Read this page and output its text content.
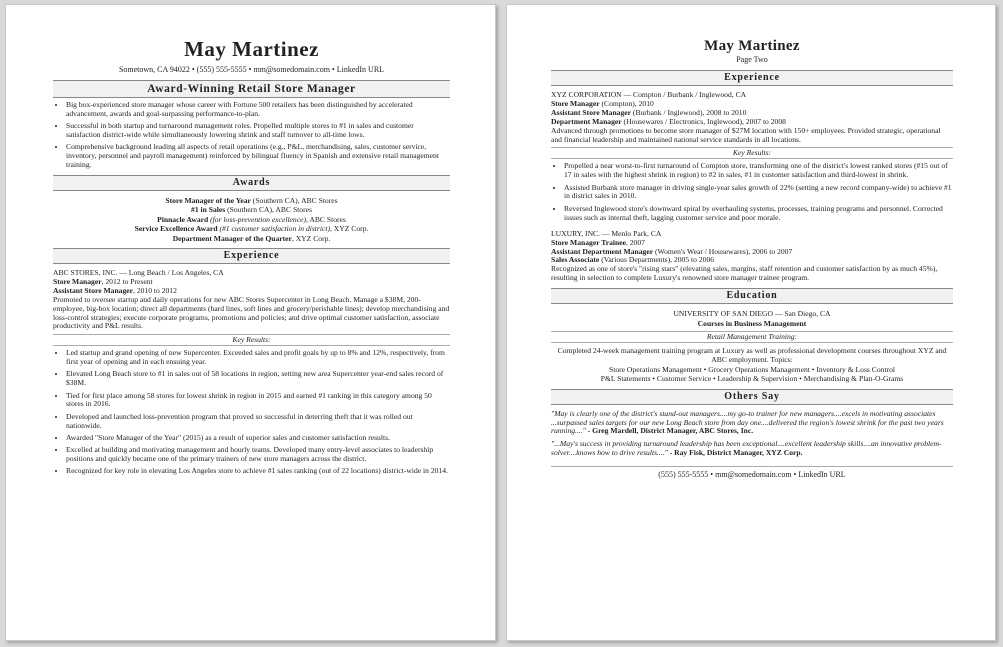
May Martinez
Sometown, CA 94022 • (555) 555-5555 • mm@somedomain.com • LinkedIn URL
Award-Winning Retail Store Manager
• Big box-experienced store manager whose career with Fortune 500 retailers has been distinguished by accelerated advancement, awards and goal-surpassing performance-to-plan.
• Successful in both startup and turnaround management roles. Propelled multiple stores to #1 in sales and customer satisfaction district-wide while simultaneously lowering shrink and staff turnover to all-time lows.
• Comprehensive background leading all aspects of retail operations (e.g., P&L, merchandising, sales, customer service, inventory, personnel and payroll management) reinforced by bilingual fluency in Spanish and extensive retail management training.
Awards
Store Manager of the Year (Southern CA), ABC Stores
#1 in Sales (Southern CA), ABC Stores
Pinnacle Award (for loss-prevention excellence), ABC Stores
Service Excellence Award (#1 customer satisfaction in district), XYZ Corp.
Department Manager of the Quarter, XYZ Corp.
Experience
ABC STORES, INC. — Long Beach / Los Angeles, CA
Store Manager, 2012 to Present
Assistant Store Manager, 2010 to 2012
Promoted to oversee startup and daily operations for new ABC Stores Supercenter in Long Beach. Manage a $38M, 200-employee, big-box location; direct all departments (hard lines, soft lines and grocery/perishable lines); develop merchandising and loss-control strategies; execute corporate programs, promotions and policies; and drive optimal customer satisfaction, associate productivity and P&L results.
Key Results:
• Led startup and grand opening of new Supercenter. Exceeded sales and profit goals by up to 8% and 12%, respectively, from first year of opening and in each ensuing year.
• Elevated Long Beach store to #1 in sales out of 58 locations in region, setting new area Supercenter year-end sales record of $38M.
• Tied for first place among 58 stores for lowest shrink in region in 2015 and earned #1 ranking in this category among 50 stores in 2016.
• Developed and launched loss-prevention program that proved so successful in deterring theft that it was rolled out nationwide.
• Awarded "Store Manager of the Year" (2015) as a result of superior sales and customer satisfaction results.
• Excelled at building and motivating management and hourly teams. Developed many entry-level associates to leadership positions and quickly became one of the primary trainers of new store managers across the district.
• Recognized for key role in elevating Los Angeles store to achieve #1 sales ranking (out of 22 locations) district-wide in 2014.
May Martinez
Page Two
Experience
XYZ CORPORATION — Compton / Burbank / Inglewood, CA
Store Manager (Compton), 2010
Assistant Store Manager (Burbank / Inglewood), 2008 to 2010
Department Manager (Housewares / Electronics, Inglewood), 2007 to 2008
Advanced through promotions to become store manager of $27M location with 150+ employees. Provided strategic, operational and financial leadership and maintained national service standards in all locations.
Key Results:
• Propelled a near worst-to-first turnaround of Compton store, transforming one of the district's lowest ranked stores (#15 out of 17 in sales with the highest shrink in region) to #2 in sales, #1 in customer satisfaction and third-lowest in shrink.
• Assisted Burbank store manager in driving single-year sales growth of 22% (setting a new record company-wide) to achieve #1 in district sales in 2010.
• Reversed Inglewood store's downward spiral by overhauling systems, processes, training programs and personnel. Corrected issues such as internal theft, lagging customer service and poor morale.
LUXURY, INC. — Menlo Park, CA
Store Manager Trainee, 2007
Assistant Department Manager (Women's Wear / Housewares), 2006 to 2007
Sales Associate (Various Departments), 2005 to 2006
Recognized as one of store's "rising stars" (elevating sales, margins, staff retention and customer satisfaction by as much 45%), resulting in selection to complete Luxury's renowned store manager trainee program.
Education
UNIVERSITY OF SAN DIEGO — San Diego, CA
Courses in Business Management
Retail Management Training:
Completed 24-week management training program at Luxury as well as professional development courses throughout XYZ and ABC employment. Topics:
Store Operations Management • Grocery Operations Management • Inventory & Loss Control
P&L Statements • Customer Service • Leadership & Supervision • Merchandising & Plan-O-Grams
Others Say
"May is clearly one of the district's stand-out managers....my go-to trainer for new managers....excels in motivating associates ...surpassed sales targets for our new Long Beach store from day one....delivered the region's lowest shrink for the past two years running...." - Greg Mardell, District Manager, ABC Stores, Inc.
"...May's success in providing turnaround leadership has been exceptional....excellent leadership skills....an innovative problem-solver....knows how to drive results...." - Ray Fisk, District Manager, XYZ Corp.
(555) 555-5555 • mm@somedomain.com • LinkedIn URL
